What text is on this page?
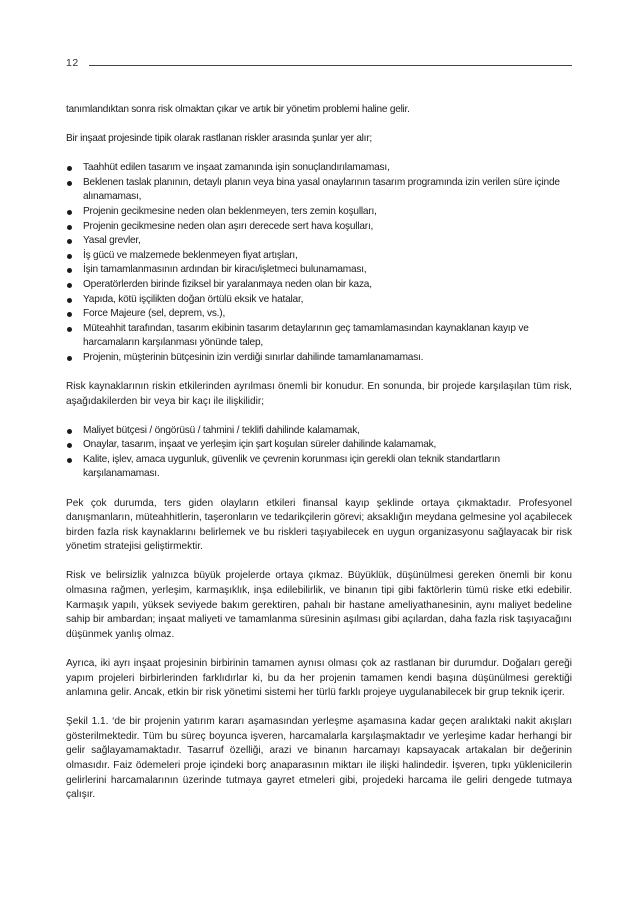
12

tanımlandıktan sonra risk olmaktan çıkar ve artık bir yönetim problemi haline gelir.

Bir inşaat projesinde tipik olarak rastlanan riskler arasında şunlar yer alır;

Taahhüt edilen tasarım ve inşaat zamanında işin sonuçlandırılamaması,
Beklenen taslak planının, detaylı planın veya bina yasal onaylarının tasarım programında izin verilen süre içinde alınamaması,
Projenin gecikmesine neden olan beklenmeyen, ters zemin koşulları,
Projenin gecikmesine neden olan aşırı derecede sert hava koşulları,
Yasal grevler,
İş gücü ve malzemede beklenmeyen fiyat artışları,
İşin tamamlanmasının ardından bir kiracı/işletmeci bulunamaması,
Operatörlerden birinde fiziksel bir yaralanmaya neden olan bir kaza,
Yapıda, kötü işçilikten doğan örtülü eksik ve hatalar,
Force Majeure (sel, deprem, vs.),
Müteahhit tarafından, tasarım ekibinin tasarım detaylarının geç tamamlamasından kaynaklanan kayıp ve harcamaların karşılanması yönünde talep,
Projenin, müşterinin bütçesinin izin verdiği sınırlar dahilinde tamamlanamaması.

Risk kaynaklarının riskin etkilerinden ayrılması önemli bir konudur. En sonunda, bir projede karşılaşılan tüm risk, aşağıdakilerden bir veya bir kaçı ile ilişkilidir;

Maliyet bütçesi / öngörüsü / tahmini / teklifi dahilinde kalamamak,
Onaylar, tasarım, inşaat ve yerleşim için şart koşulan süreler dahilinde kalamamak,
Kalite, işlev, amaca uygunluk, güvenlik ve çevrenin korunması için gerekli olan teknik standartların karşılanamaması.

Pek çok durumda, ters giden olayların etkileri finansal kayıp şeklinde ortaya çıkmaktadır. Profesyonel danışmanların, müteahhitlerin, taşeronların ve tedarikçilerin görevi; aksaklığın meydana gelmesine yol açabilecek birden fazla risk kaynaklarını belirlemek ve bu riskleri taşıyabilecek en uygun organizasyonu sağlayacak bir risk yönetim stratejisi geliştirmektir.

Risk ve belirsizlik yalnızca büyük projelerde ortaya çıkmaz. Büyüklük, düşünülmesi gereken önemli bir konu olmasına rağmen, yerleşim, karmaşıklık, inşa edilebilirlik, ve binanın tipi gibi faktörlerin tümü riske etki edebilir. Karmaşık yapılı, yüksek seviyede bakım gerektiren, pahalı bir hastane ameliyathanesinin, aynı maliyet bedeline sahip bir ambardan; inşaat maliyeti ve tamamlanma süresinin aşılması gibi açılardan, daha fazla risk taşıyacağını düşünmek yanlış olmaz.

Ayrıca, iki ayrı inşaat projesinin birbirinin tamamen aynısı olması çok az rastlanan bir durumdur. Doğaları gereği yapım projeleri birbirlerinden farklıdırlar ki, bu da her projenin tamamen kendi başına düşünülmesi gerektiği anlamına gelir. Ancak, etkin bir risk yönetimi sistemi her türlü farklı projeye uygulanabilecek bir grup teknik içerir.

Şekil 1.1. ‘de bir projenin yatırım kararı aşamasından yerleşme aşamasına kadar geçen aralıktaki nakit akışları gösterilmektedir. Tüm bu süreç boyunca işveren, harcamalarla karşılaşmaktadır ve yerleşime kadar herhangi bir gelir sağlayamamaktadır. Tasarruf özelliği, arazi ve binanın harcamayı kapsayacak artakalan bir değerinin olmasıdır. Faiz ödemeleri proje içindeki borç anaparasının miktarı ile ilişki halindedir. İşveren, tıpkı yüklenicilerin gelirlerini harcamalarının üzerinde tutmaya gayret etmeleri gibi, projedeki harcama ile geliri dengede tutmaya çalışır.
